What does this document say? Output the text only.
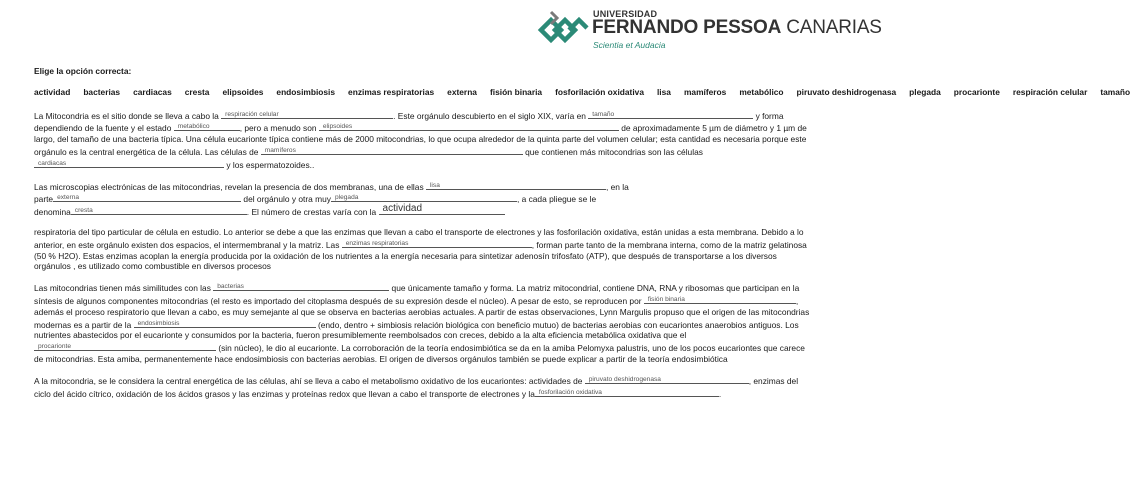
UNIVERSIDAD
FERNANDO PESSOA CANARIAS
Scientia et Audacia
Elige la opción correcta:
actividad bacterias cardiacas cresta elipsoides endosimbiosis enzimas respiratorias externa fisión binaria fosforilación oxidativa lisa mamíferos metabólico piruvato deshidrogenasa plegada procarionte respiración celular tamaño

La Mitocondria es el sitio donde se lleva a cabo la respiración celular	. Este orgánulo descubierto en el siglo XIX, varía en tamaño	y forma dependiendo de la fuente y el estado metabólico	, pero a menudo son elipsoides	de aproximadamente 5 µm de diámetro y 1 µm de largo, del tamaño de una bacteria típica. Una célula eucarionte típica contiene más de 2000 mitocondrias, lo que ocupa alrededor de la quinta parte del volumen celular; esta cantidad es necesaria porque este orgánulo es la central energética de la célula. Las células de mamíferos	que contienen más mitocondrias son las células
cardiacas	y los espermatozoides..

Las microscopias electrónicas de las mitocondrias, revelan la presencia de dos membranas, una de ellas lisa	, en la
parte externa	del orgánulo y otra muy plegada	, a cada pliegue se le
denomina cresta	. El número de crestas varía con la actividad

respiratoria del tipo particular de célula en estudio. Lo anterior se debe a que las enzimas que llevan a cabo el transporte de electrones y las fosforilación oxidativa, están unidas a esta membrana. Debido a lo anterior, en este orgánulo existen dos espacios, el intermembranal y la matriz. Las enzimas respiratorias	, forman parte tanto de la membrana interna, como de la matriz gelatinosa (50 % H2O). Estas enzimas acoplan la energía producida por la oxidación de los nutrientes a la energía necesaria para sintetizar adenosín trifosfato (ATP), que después de transportarse a los diversos orgánulos , es utilizado como combustible en diversos procesos

Las mitocondrias tienen más similitudes con las bacterias	que únicamente tamaño y forma. La matriz mitocondrial, contiene DNA, RNA y ribosomas que participan en la síntesis de algunos componentes mitocondrias (el resto es importado del citoplasma después de su expresión desde el núcleo). A pesar de esto, se reproducen por fisión binaria	, además el proceso respiratorio que llevan a cabo, es muy semejante al que se observa en bacterias aerobias actuales. A partir de estas observaciones, Lynn Margulis propuso que el origen de las mitocondrias modernas es a partir de la endosimbiosis	(endo, dentro + simbiosis relación biológica con beneficio mutuo) de bacterias aerobias con eucariontes anaerobios antiguos. Los nutrientes abastecidos por el eucarionte y consumidos por la bacteria, fueron presumiblemente reembolsados con creces, debido a la alta eficiencia metabólica oxidativa que el
procarionte	(sin núcleo), le dio al eucarionte. La corroboración de la teoría endosimbiótica se da en la amiba Pelomyxa palustris, uno de los pocos eucariontes que carece de mitocondrias. Esta amiba, permanentemente hace endosimbiosis con bacterias aerobias. El origen de diversos orgánulos también se puede explicar a partir de la teoría endosimbiótica

A la mitocondria, se le considera la central energética de las células, ahí se lleva a cabo el metabolismo oxidativo de los eucariontes: actividades de piruvato deshidrogenasa	, enzimas del ciclo del ácido cítrico, oxidación de los ácidos grasos y las enzimas y proteínas redox que llevan a cabo el transporte de electrones y la fosforilación oxidativa	.
